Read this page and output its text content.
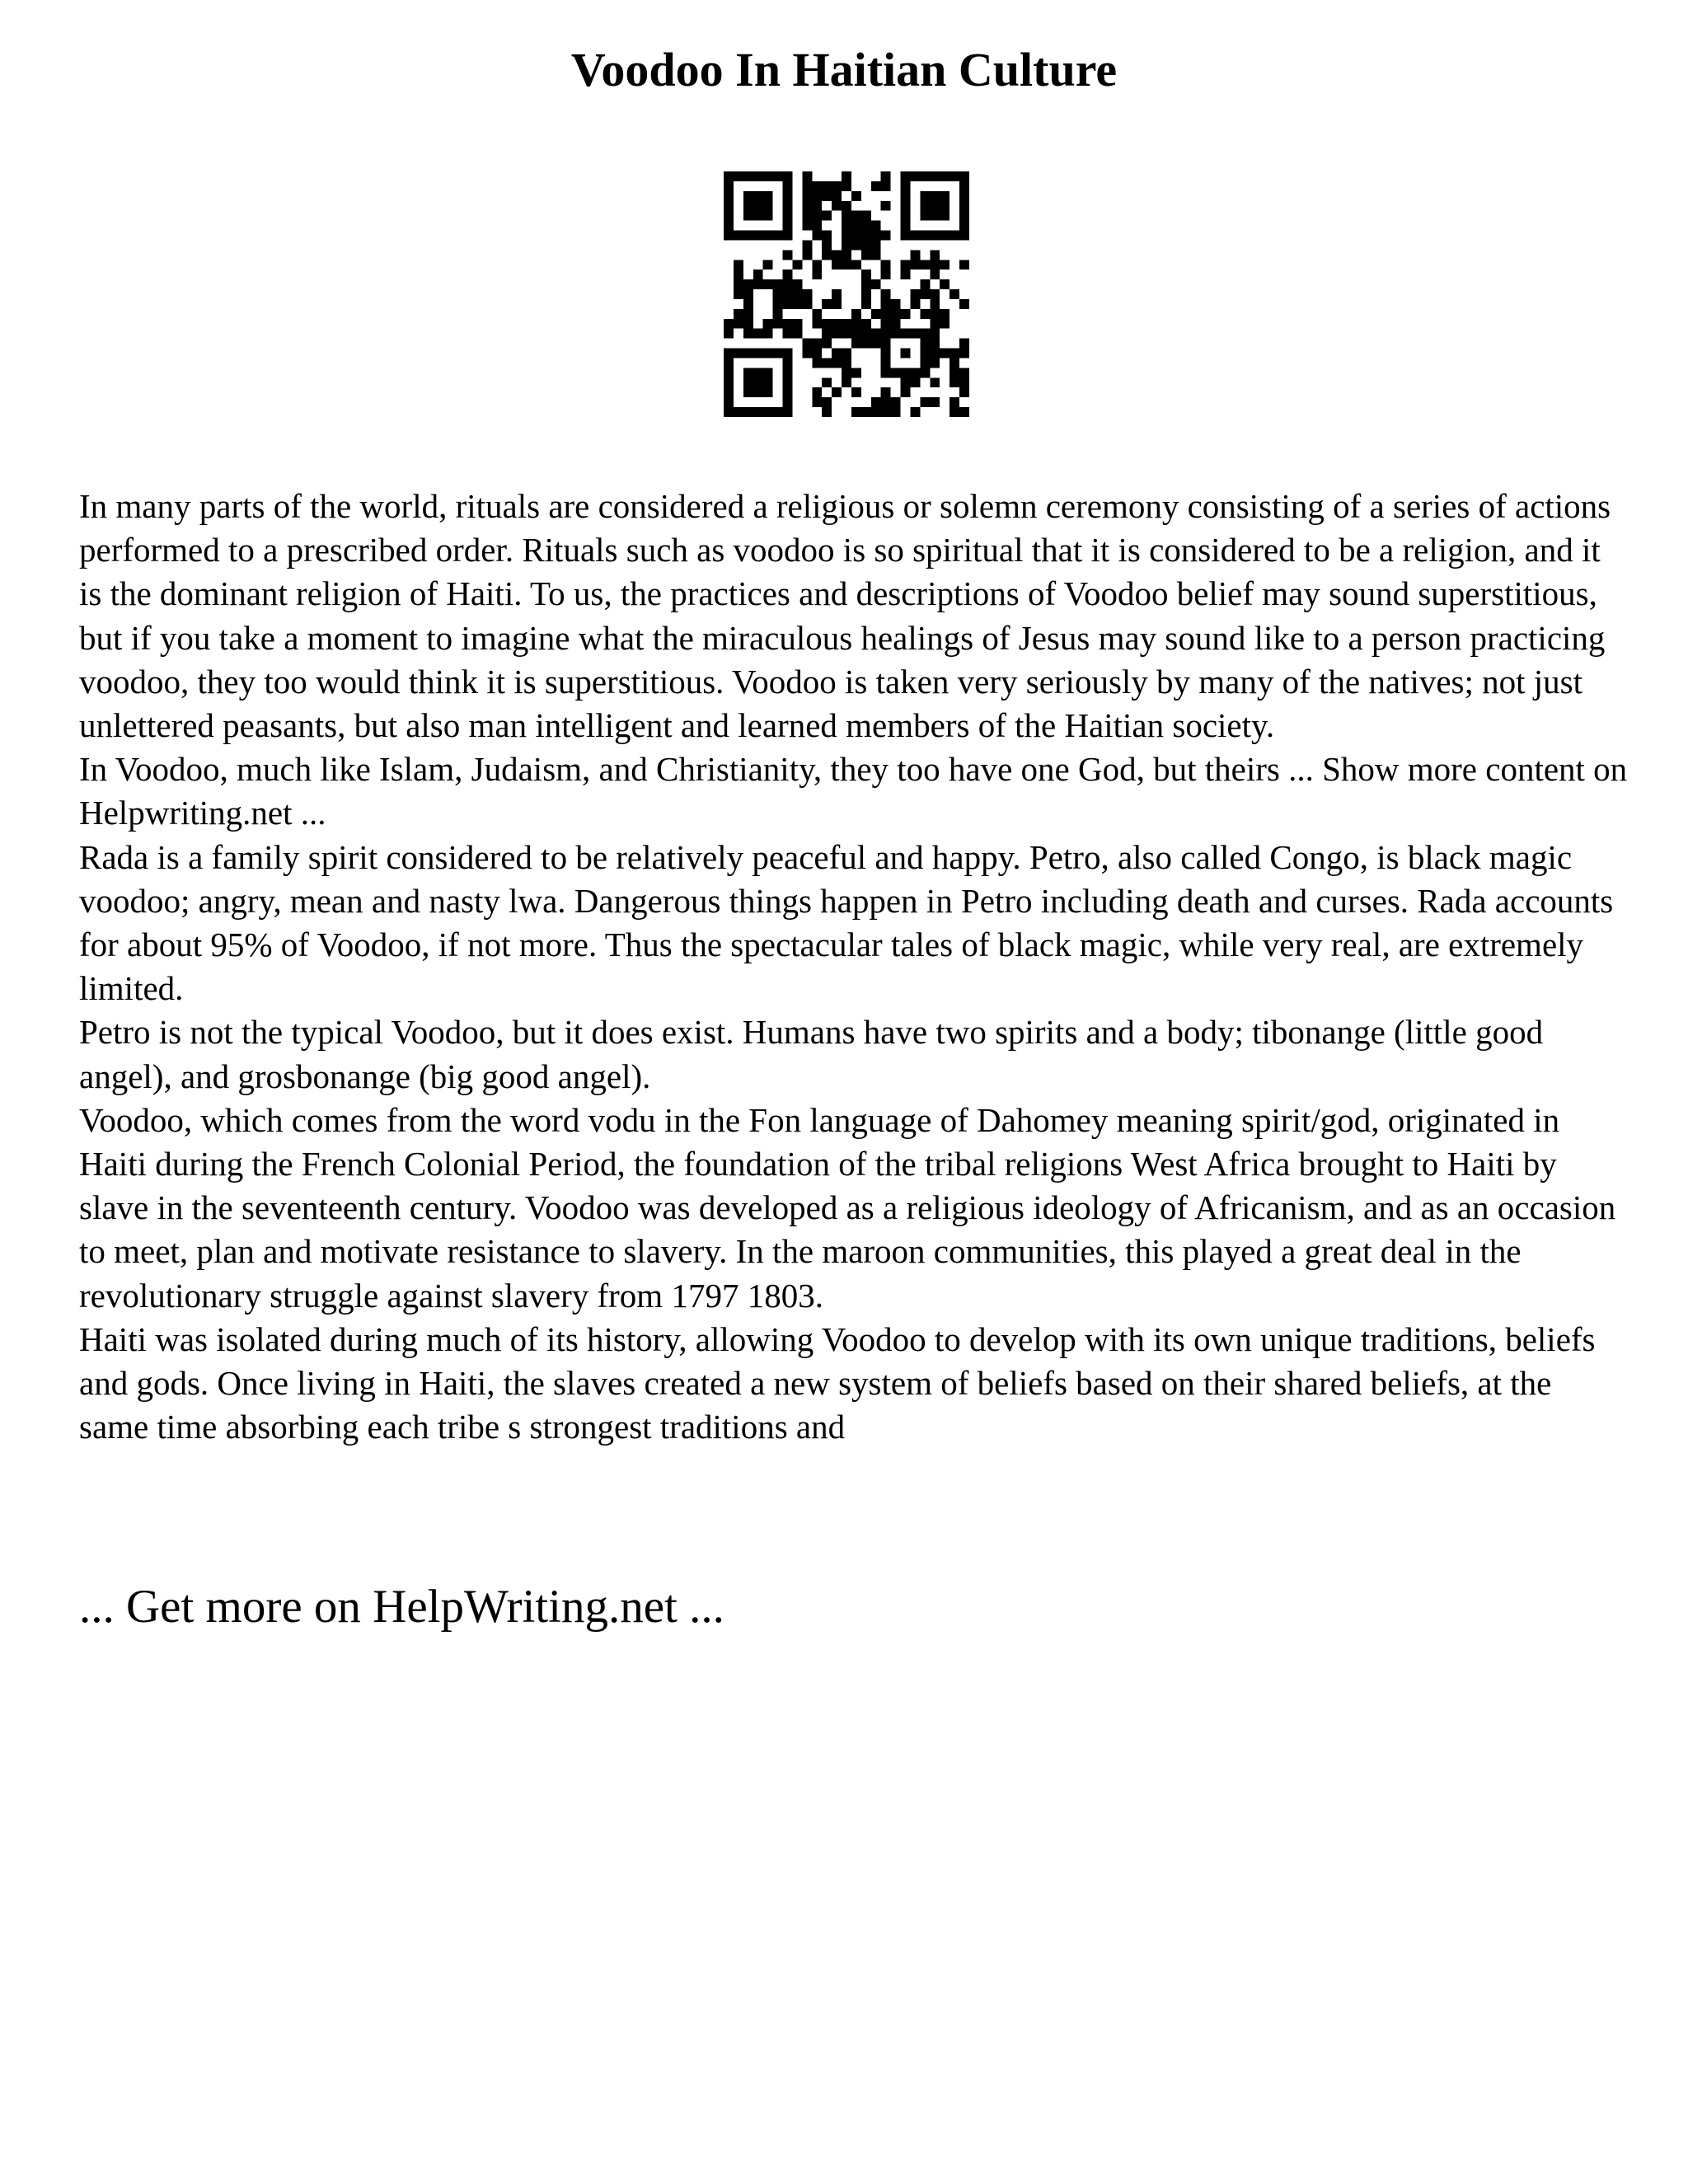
Voodoo In Haitian Culture

In many parts of the world, rituals are considered a religious or solemn ceremony consisting of a series of actions performed to a prescribed order. Rituals such as voodoo is so spiritual that it is considered to be a religion, and it is the dominant religion of Haiti. To us, the practices and descriptions of Voodoo belief may sound superstitious, but if you take a moment to imagine what the miraculous healings of Jesus may sound like to a person practicing voodoo, they too would think it is superstitious. Voodoo is taken very seriously by many of the natives; not just unlettered peasants, but also man intelligent and learned members of the Haitian society.

In Voodoo, much like Islam, Judaism, and Christianity, they too have one God, but theirs ... Show more content on Helpwriting.net ...

Rada is a family spirit considered to be relatively peaceful and happy. Petro, also called Congo, is black magic voodoo; angry, mean and nasty lwa. Dangerous things happen in Petro including death and curses. Rada accounts for about 95% of Voodoo, if not more. Thus the spectacular tales of black magic, while very real, are extremely limited.

Petro is not the typical Voodoo, but it does exist. Humans have two spirits and a body; tibonange (little good angel), and grosbonange (big good angel).

Voodoo, which comes from the word vodu in the Fon language of Dahomey meaning spirit/god, originated in Haiti during the French Colonial Period, the foundation of the tribal religions West Africa brought to Haiti by slave in the seventeenth century. Voodoo was developed as a religious ideology of Africanism, and as an occasion to meet, plan and motivate resistance to slavery. In the maroon communities, this played a great deal in the revolutionary struggle against slavery from 1797 1803.

Haiti was isolated during much of its history, allowing Voodoo to develop with its own unique traditions, beliefs and gods. Once living in Haiti, the slaves created a new system of beliefs based on their shared beliefs, at the same time absorbing each tribe s strongest traditions and

... Get more on HelpWriting.net ...
